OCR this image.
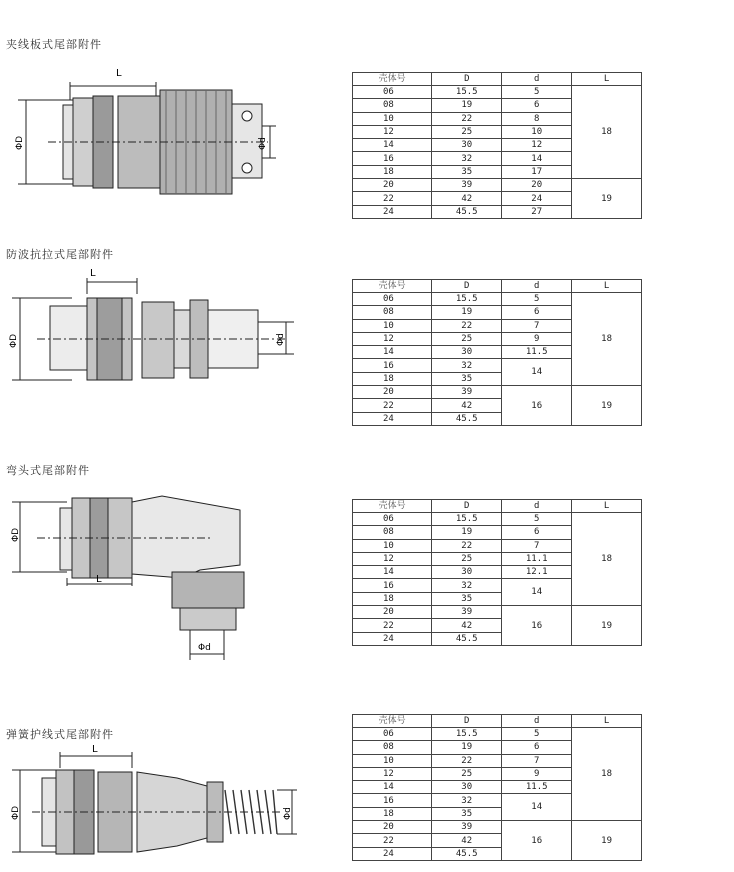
夹线板式尾部附件
L
ΦD	Φd
壳体号	D	d	L
06	15.5	5	18
08	19	6	
10	22	8	
12	25	10	
14	30	12	
16	32	14	
18	35	17	
20	39	20	19
22	42	24	
24	45.5	27	
防波抗拉式尾部附件
L
ΦD	Φd
壳体号	D	d	L
06	15.5	5	18
08	19	6	
10	22	7	
12	25	9	
14	30	11.5	
16	32	14	
18	35		
20	39	16	19
22	42		
24	45.5		
弯头式尾部附件
L
ΦD
Φd
壳体号	D	d	L
06	15.5	5	18
08	19	6	
10	22	7	
12	25	11.1	
14	30	12.1	
16	32	14	
18	35		
20	39	16	19
22	42		
24	45.5		
弹簧护线式尾部附件
L
ΦD	Φd
壳体号	D	d	L
06	15.5	5	18
08	19	6	
10	22	7	
12	25	9	
14	30	11.5	
16	32	14	
18	35		
20	39	16	19
22	42		
24	45.5		
